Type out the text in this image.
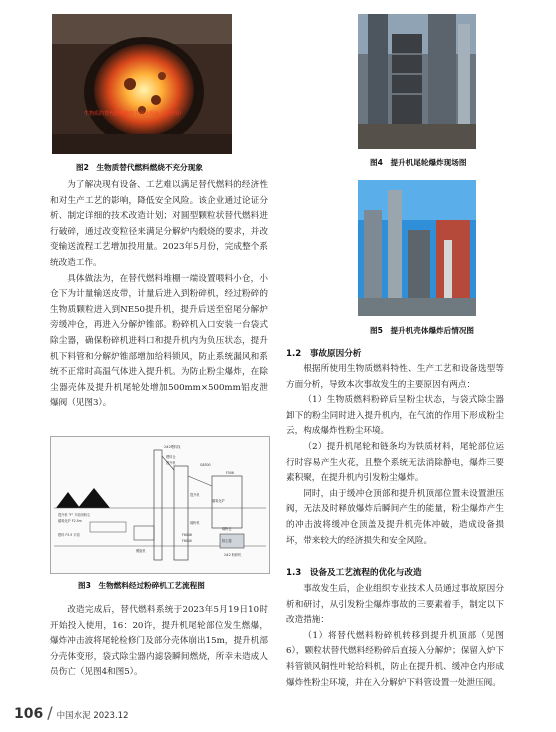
生物质的替代燃料燃烧不充分现象（部分图）
图2　生物质替代燃料燃烧不充分现象
图4　提升机尾轮爆炸现场图
图5　提升机壳体爆炸后情况图

为了解决现有设备、工艺难以满足替代燃料的经济性和对生产工艺的影响，降低安全风险。该企业通过论证分析、制定详细的技术改造计划；对圆型颗粒状替代燃料进行破碎，通过改变粒径来满足分解炉内煅烧的要求，并改变输送流程工艺增加投用量。2023年5月份，完成整个系统改造工作。

具体做法为，在替代燃料堆棚一端设置喂料小仓，小仓下为计量输送皮带，计量后进入到粉碎机，经过粉碎的生物质颗粒进入到NE50提升机，提升后送至窑尾分解炉旁缓冲仓，再进入分解炉锥部。粉碎机入口安装一台袋式除尘器，确保粉碎机进料口和提升机内为负压状态，提升机下料管和分解炉锥部增加给料锁风，防止系统漏风和系统不正常时高温气体进入提升机。为防止粉尘爆炸，在除尘器壳体及提升机尾轮处增加500mm×500mm铝皮泄爆阀（见图3）。

2#2喂料线
喂料仓
提升机	G8300
F506
提升机
碳氧化炉
煤粉机
煤粉仓
F6046
F6040	除尘器
提升机 "F" 平面用粉尘
碳氧化炉 F2.5m
燃料 F5.5 平面
螺旋机
2#2 粉碎机
图3　生物燃料经过粉碎机工艺流程图

改造完成后，替代燃料系统于2023年5月19日10时开始投入使用，16：20许，提升机尾轮部位发生燃爆，爆炸冲击波将尾轮检修门及部分壳体崩出15m，提升机部分壳体变形，袋式除尘器内滤袋瞬间燃烧，所幸未造成人员伤亡（见图4和图5）。

1.2　事故原因分析

根据所使用生物质燃料特性、生产工艺和设备选型等方面分析，导致本次事故发生的主要原因有两点：

（1）生物质燃料粉碎后呈粉尘状态，与袋式除尘器卸下的粉尘同时进入提升机内，在气流的作用下形成粉尘云，构成爆炸性粉尘环境。

（2）提升机尾轮和链条均为铁质材料，尾轮部位运行时容易产生火花，且整个系统无法消除静电，爆炸三要素积聚，在提升机内引发粉尘爆炸。

同时，由于缓冲仓顶部和提升机顶部位置未设置泄压阀，无法及时释放爆炸后瞬间产生的能量，粉尘爆炸产生的冲击波将缓冲仓顶盖及提升机壳体冲破，造成设备损坏，带来较大的经济损失和安全风险。

1.3　设备及工艺流程的优化与改造

事故发生后，企业组织专业技术人员通过事故原因分析和研讨，从引发粉尘爆炸事故的三要素着手，制定以下改造措施：

（1）将替代燃料粉碎机转移到提升机顶部（见图6），颗粒状替代燃料经粉碎后直接入分解炉；保留入炉下料管锁风铜性叶轮给料机，防止在提升机、缓冲仓内形成爆炸性粉尘环境，并在入分解炉下料管设置一处泄压阀。

106 / 中国水泥 2023.12
